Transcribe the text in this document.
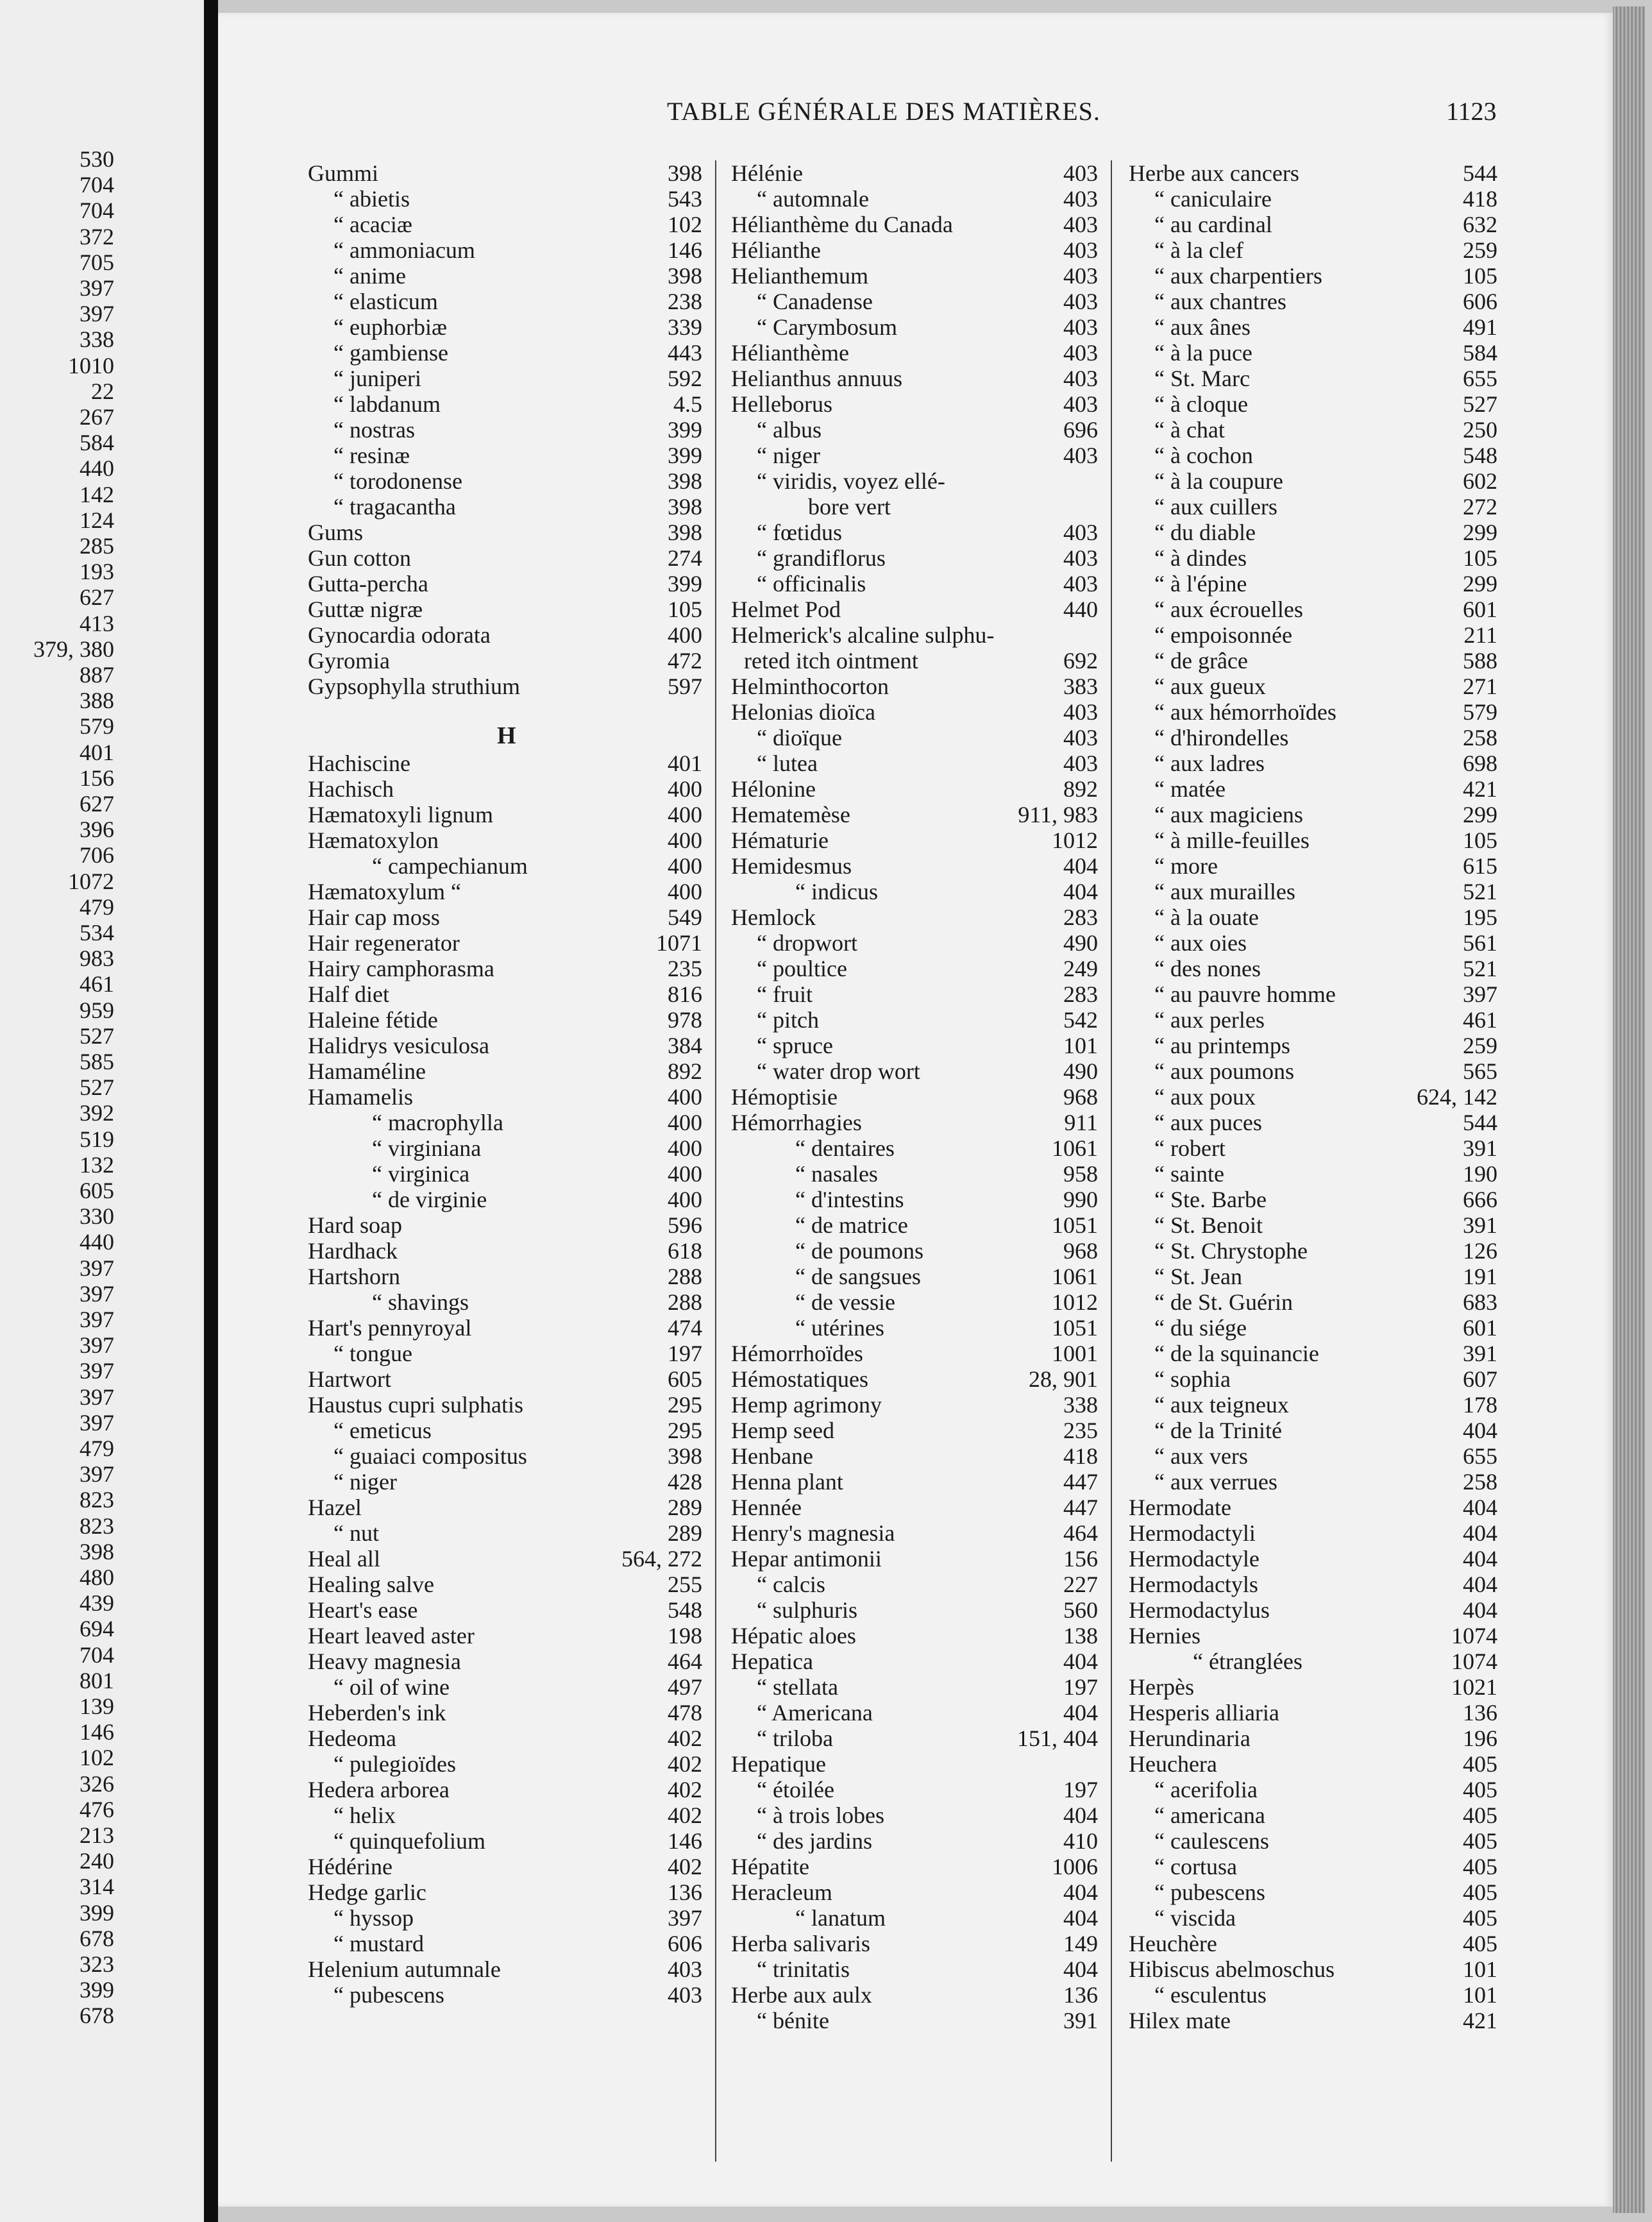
TABLE GÉNÉRALE DES MATIÈRES.	1123
Gummi	398
“ abietis	543
“ acaciæ	102
“ ammoniacum	146
“ anime	398
“ elasticum	238
“ euphorbiæ	339
“ gambiense	443
“ juniperi	592
“ labdanum	4.5
“ nostras	399
“ resinæ	399
“ torodonense	398
“ tragacantha	398
Gums	398
Gun cotton	274
Gutta-percha	399
Guttæ nigræ	105
Gynocardia odorata	400
Gyromia	472
Gypsophylla struthium	597
Hachiscine	401
Hachisch	400
Hæmatoxyli lignum	400
Hæmatoxylon	400
“ campechianum	400
Hæmatoxylum “	400
Hair cap moss	549
Hair regenerator	1071
Hairy camphorasma	235
Half diet	816
Haleine fétide	978
Halidrys vesiculosa	384
Hamaméline	892
Hamamelis	400
“ macrophylla	400
“ virginiana	400
“ virginica	400
“ de virginie	400
Hard soap	596
Hardhack	618
Hartshorn	288
“ shavings	288
Hart's pennyroyal	474
“ tongue	197
Hartwort	605
Haustus cupri sulphatis	295
“ emeticus	295
“ guaiaci compositus	398
“ niger	428
Hazel	289
“ nut	289
Heal all	564, 272
Healing salve	255
Heart's ease	548
Heart leaved aster	198
Heavy magnesia	464
“ oil of wine	497
Heberden's ink	478
Hedeoma	402
“ pulegioïdes	402
Hedera arborea	402
“ helix	402
“ quinquefolium	146
Hédérine	402
Hedge garlic	136
“ hyssop	397
“ mustard	606
Helenium autumnale	403
“ pubescens	403
Hélénie	403
“ automnale	403
Hélianthème du Canada	403
Hélianthe	403
Helianthemum	403
“ Canadense	403
“ Carymbosum	403
Hélianthème	403
Helianthus annuus	403
Helleborus	403
“ albus	696
“ niger	403
“ viridis, voyez ellé-
bore vert
“ fœtidus	403
“ grandiflorus	403
“ officinalis	403
Helmet Pod	440
Helmerick's alcaline sulphu-
reted itch ointment	692
Helminthocorton	383
Helonias dioïca	403
“ dioïque	403
“ lutea	403
Hélonine	892
Hematemèse	911, 983
Hématurie	1012
Hemidesmus	404
“ indicus	404
Hemlock	283
“ dropwort	490
“ poultice	249
“ fruit	283
“ pitch	542
“ spruce	101
“ water drop wort	490
Hémoptisie	968
Hémorrhagies	911
“ dentaires	1061
“ nasales	958
“ d'intestins	990
“ de matrice	1051
“ de poumons	968
“ de sangsues	1061
“ de vessie	1012
“ utérines	1051
Hémorrhoïdes	1001
Hémostatiques	28, 901
Hemp agrimony	338
Hemp seed	235
Henbane	418
Henna plant	447
Hennée	447
Henry's magnesia	464
Hepar antimonii	156
“ calcis	227
“ sulphuris	560
Hépatic aloes	138
Hepatica	404
“ stellata	197
“ Americana	404
“ triloba	151, 404
Hepatique
“ étoilée	197
“ à trois lobes	404
“ des jardins	410
Hépatite	1006
Heracleum	404
“ lanatum	404
Herba salivaris	149
“ trinitatis	404
Herbe aux aulx	136
“ bénite	391
Herbe aux cancers	544
“ caniculaire	418
“ au cardinal	632
“ à la clef	259
“ aux charpentiers	105
“ aux chantres	606
“ aux ânes	491
“ à la puce	584
“ St. Marc	655
“ à cloque	527
“ à chat	250
“ à cochon	548
“ à la coupure	602
“ aux cuillers	272
“ du diable	299
“ à dindes	105
“ à l'épine	299
“ aux écrouelles	601
“ empoisonnée	211
“ de grâce	588
“ aux gueux	271
“ aux hémorrhoïdes	579
“ d'hirondelles	258
“ aux ladres	698
“ matée	421
“ aux magiciens	299
“ à mille-feuilles	105
“ more	615
“ aux murailles	521
“ à la ouate	195
“ aux oies	561
“ des nones	521
“ au pauvre homme	397
“ aux perles	461
“ au printemps	259
“ aux poumons	565
“ aux poux	624, 142
“ aux puces	544
“ robert	391
“ sainte	190
“ Ste. Barbe	666
“ St. Benoit	391
“ St. Chrystophe	126
“ St. Jean	191
“ de St. Guérin	683
“ du siége	601
“ de la squinancie	391
“ sophia	607
“ aux teigneux	178
“ de la Trinité	404
“ aux vers	655
“ aux verrues	258
Hermodate	404
Hermodactyli	404
Hermodactyle	404
Hermodactyls	404
Hermodactylus	404
Hernies	1074
“ étranglées	1074
Herpès	1021
Hesperis alliaria	136
Herundinaria	196
Heuchera	405
“ acerifolia	405
“ americana	405
“ caulescens	405
“ cortusa	405
“ pubescens	405
“ viscida	405
Heuchère	405
Hibiscus abelmoschus	101
“ esculentus	101
Hilex mate	421
530
704
704
372
705
397
397
338
1010
22
267
584
440
142
124
285
193
627
413
379, 380
887
388
579
401
156
627
396
706
1072
479
534
983
461
959
527
585
527
392
519
132
605
330
440
397
397
397
397
397
397
397
479
397
823
823
398
480
439
694
704
801
139
146
102
326
476
213
240
314
399
678
323
399
678
H
